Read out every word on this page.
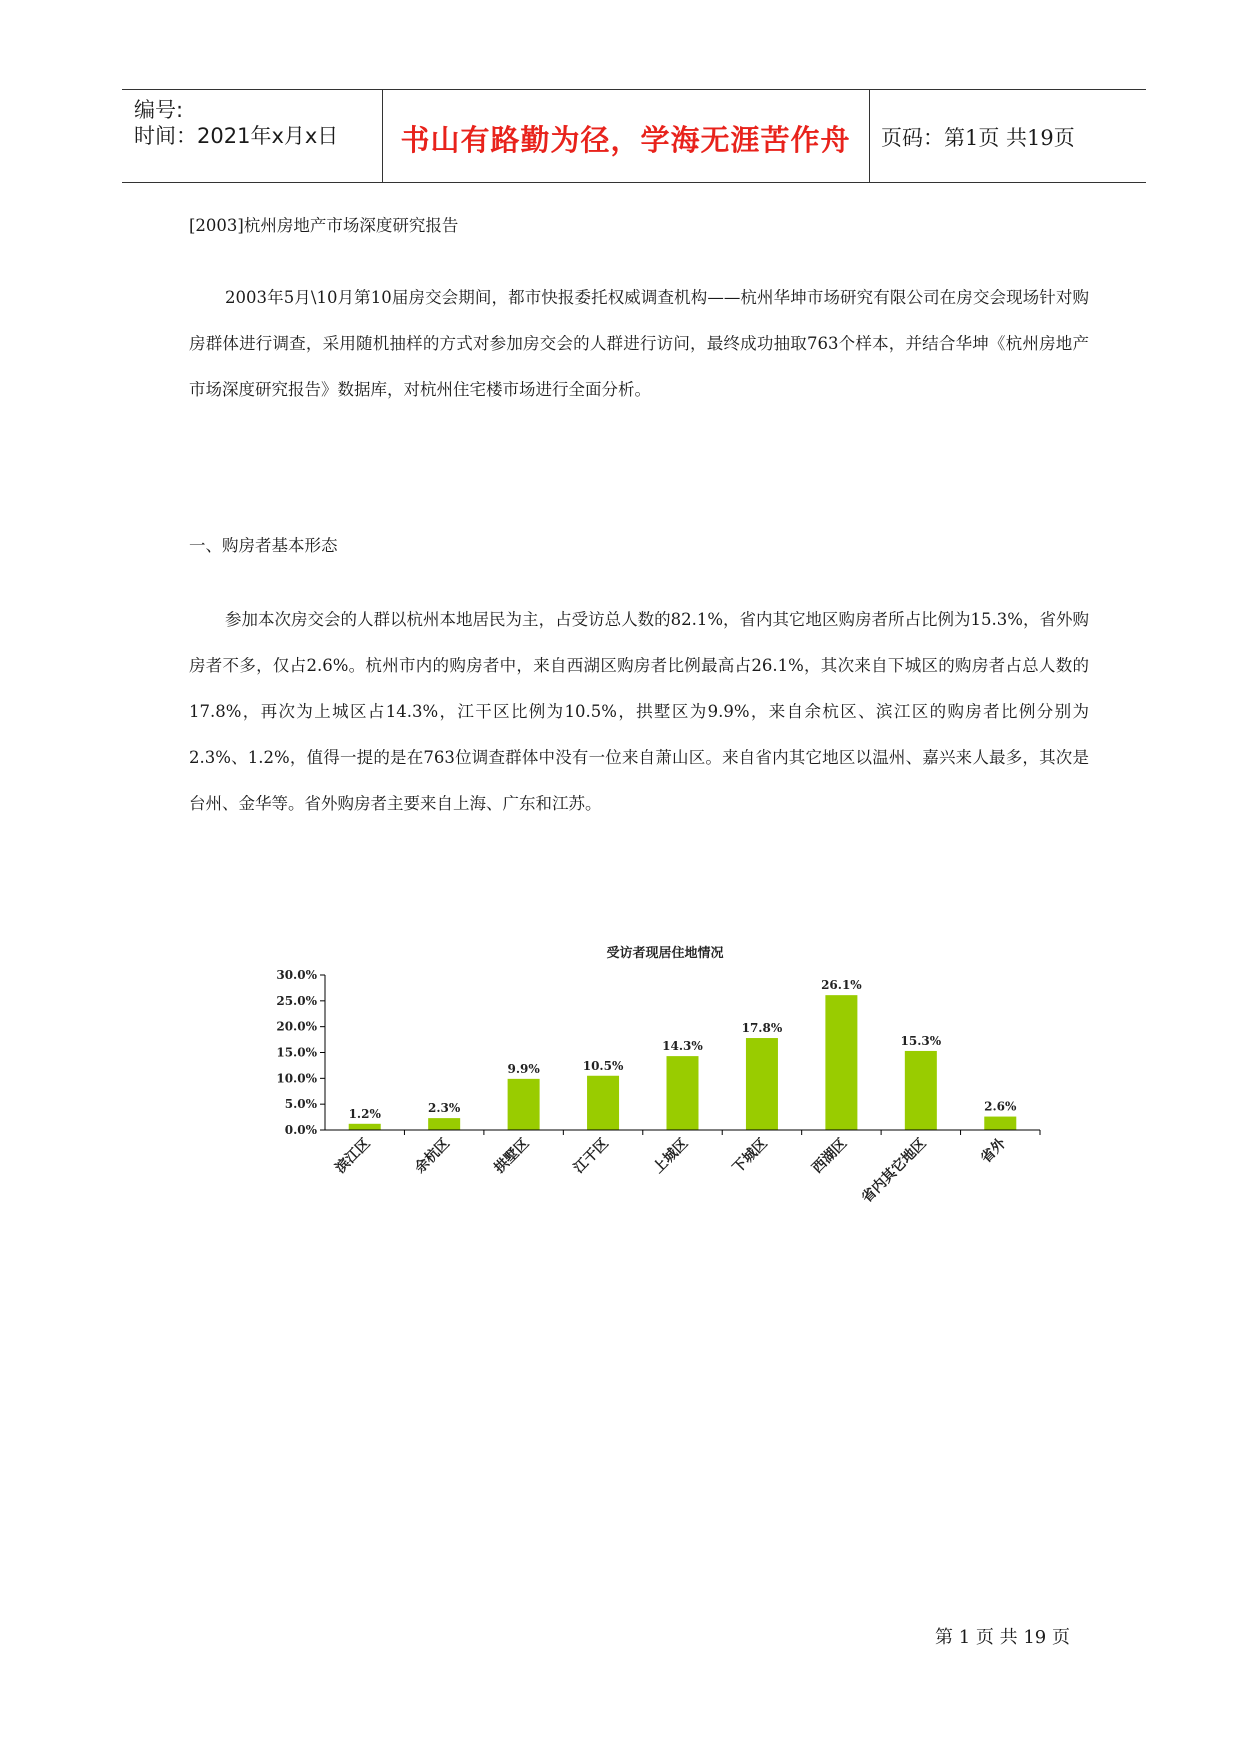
编号:
时间：2021年x月x日	书山有路勤为径，学海无涯苦作舟	页码：第1页 共19页
[2003]杭州房地产市场深度研究报告
2003年5月\10月第10届房交会期间，都市快报委托权威调查机构——杭州华坤市场研究有限公司在房交会现场针对购房群体进行调查，采用随机抽样的方式对参加房交会的人群进行访问，最终成功抽取763个样本，并结合华坤《杭州房地产市场深度研究报告》数据库，对杭州住宅楼市场进行全面分析。
一、购房者基本形态
参加本次房交会的人群以杭州本地居民为主，占受访总人数的82.1%，省内其它地区购房者所占比例为15.3%，省外购房者不多，仅占2.6%。杭州市内的购房者中，来自西湖区购房者比例最高占26.1%，其次来自下城区的购房者占总人数的17.8%，再次为上城区占14.3%，江干区比例为10.5%，拱墅区为9.9%，来自余杭区、滨江区的购房者比例分别为2.3%、1.2%，值得一提的是在763位调查群体中没有一位来自萧山区。来自省内其它地区以温州、嘉兴来人最多，其次是台州、金华等。省外购房者主要来自上海、广东和江苏。
受访者现居住地情况
0.0%
5.0%
10.0%
15.0%
20.0%
25.0%
30.0%
1.2%	2.3%
9.9%	10.5%
14.3%
17.8%
26.1%
15.3%
2.6%
滨江区	余杭区	拱墅区	江干区	上城区	下城区	西湖区 省内其它地区	省外
第 1 页 共 19 页
